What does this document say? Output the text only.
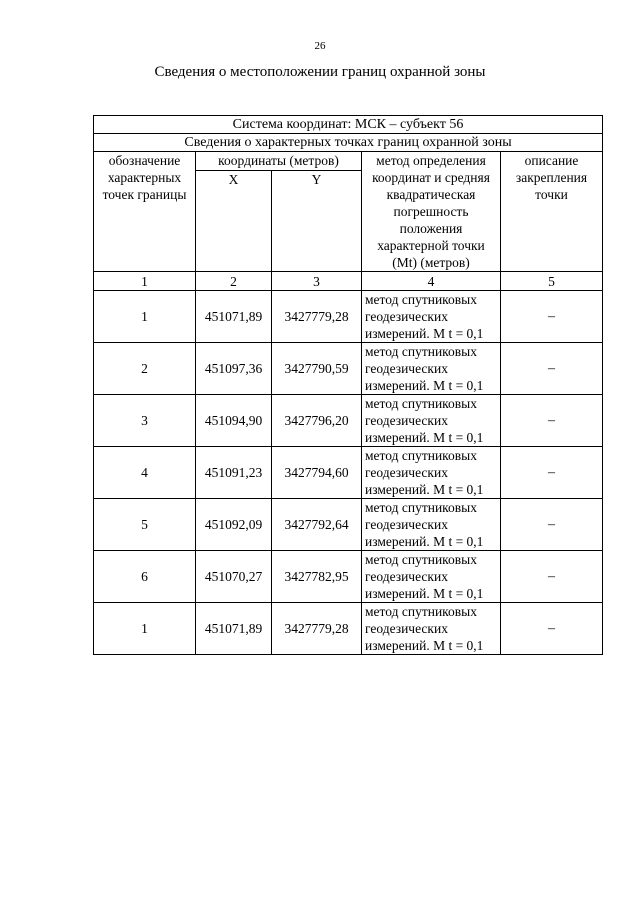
26
Сведения о местоположении границ охранной зоны
Система координат: МСК – субъект 56				
Сведения о характерных точках границ охранной зоны				
обозначение характерных точек границы	координаты (метров)		метод определения координат и средняя квадратическая погрешность положения характерной точки (Mt) (метров)	описание закрепления точки
	X	Y		
1	2	3	4	5
1	451071,89	3427779,28	метод спутниковых геодезических измерений. M t = 0,1	–
2	451097,36	3427790,59	метод спутниковых геодезических измерений. M t = 0,1	–
3	451094,90	3427796,20	метод спутниковых геодезических измерений. M t = 0,1	–
4	451091,23	3427794,60	метод спутниковых геодезических измерений. M t = 0,1	–
5	451092,09	3427792,64	метод спутниковых геодезических измерений. M t = 0,1	–
6	451070,27	3427782,95	метод спутниковых геодезических измерений. M t = 0,1	–
1	451071,89	3427779,28	метод спутниковых геодезических измерений. M t = 0,1	–
